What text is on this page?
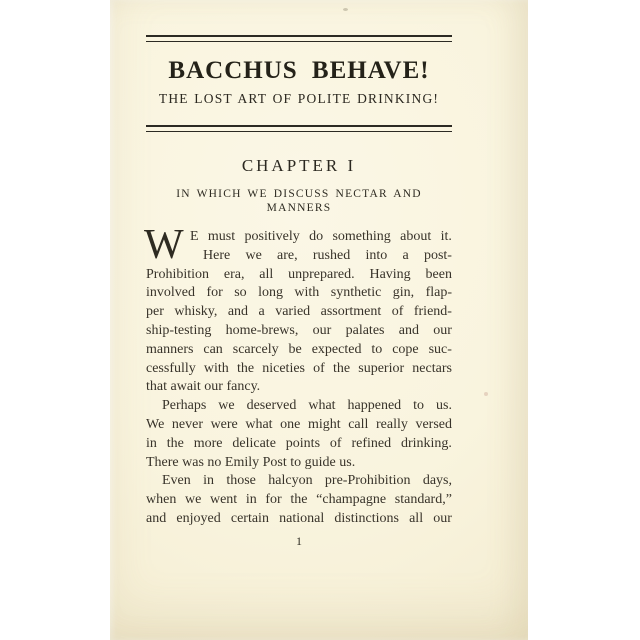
BACCHUS BEHAVE!
THE LOST ART OF POLITE DRINKING!
CHAPTER I
IN WHICH WE DISCUSS NECTAR AND MANNERS
W E must positively do something about it.
Here we are, rushed into a post-
Prohibition era, all unprepared. Having been
involved for so long with synthetic gin, flap-
per whisky, and a varied assortment of friend-
ship-testing home-brews, our palates and our
manners can scarcely be expected to cope suc-
cessfully with the niceties of the superior nectars
that await our fancy.
Perhaps we deserved what happened to us.
We never were what one might call really versed
in the more delicate points of refined drinking.
There was no Emily Post to guide us.
Even in those halcyon pre-Prohibition days,
when we went in for the “champagne standard,”
and enjoyed certain national distinctions all our
1
